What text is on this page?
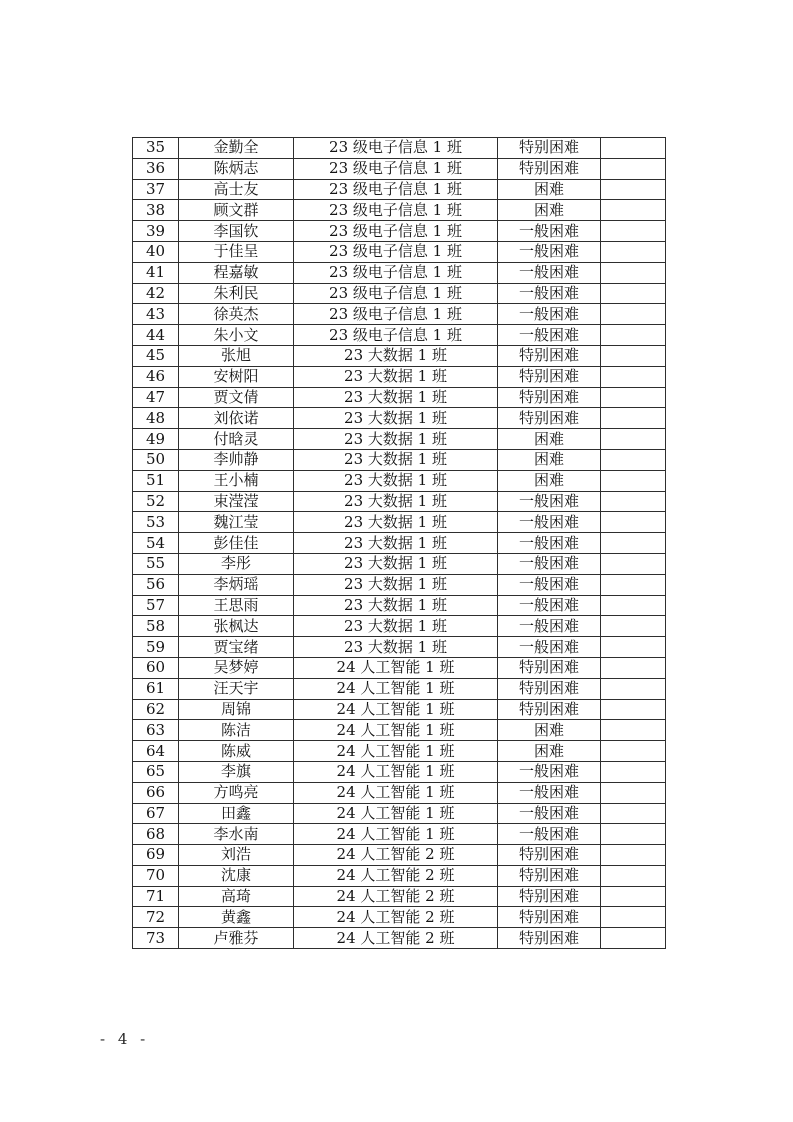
35	金勤全	23 级电子信息 1 班	特别困难	
36	陈炳志	23 级电子信息 1 班	特别困难	
37	高士友	23 级电子信息 1 班	困难	
38	顾文群	23 级电子信息 1 班	困难	
39	李国钦	23 级电子信息 1 班	一般困难	
40	于佳呈	23 级电子信息 1 班	一般困难	
41	程嘉敏	23 级电子信息 1 班	一般困难	
42	朱利民	23 级电子信息 1 班	一般困难	
43	徐英杰	23 级电子信息 1 班	一般困难	
44	朱小文	23 级电子信息 1 班	一般困难	
45	张旭	23 大数据 1 班	特别困难	
46	安树阳	23 大数据 1 班	特别困难	
47	贾文倩	23 大数据 1 班	特别困难	
48	刘依诺	23 大数据 1 班	特别困难	
49	付晗灵	23 大数据 1 班	困难	
50	李帅静	23 大数据 1 班	困难	
51	王小楠	23 大数据 1 班	困难	
52	束滢滢	23 大数据 1 班	一般困难	
53	魏江莹	23 大数据 1 班	一般困难	
54	彭佳佳	23 大数据 1 班	一般困难	
55	李彤	23 大数据 1 班	一般困难	
56	李炳瑶	23 大数据 1 班	一般困难	
57	王思雨	23 大数据 1 班	一般困难	
58	张枫达	23 大数据 1 班	一般困难	
59	贾宝绪	23 大数据 1 班	一般困难	
60	吴梦婷	24 人工智能 1 班	特别困难	
61	汪天宇	24 人工智能 1 班	特别困难	
62	周锦	24 人工智能 1 班	特别困难	
63	陈洁	24 人工智能 1 班	困难	
64	陈威	24 人工智能 1 班	困难	
65	李旗	24 人工智能 1 班	一般困难	
66	方鸣亮	24 人工智能 1 班	一般困难	
67	田鑫	24 人工智能 1 班	一般困难	
68	李水南	24 人工智能 1 班	一般困难	
69	刘浩	24 人工智能 2 班	特别困难	
70	沈康	24 人工智能 2 班	特别困难	
71	高琦	24 人工智能 2 班	特别困难	
72	黄鑫	24 人工智能 2 班	特别困难	
73	卢雅芬	24 人工智能 2 班	特别困难	
- 4 -
